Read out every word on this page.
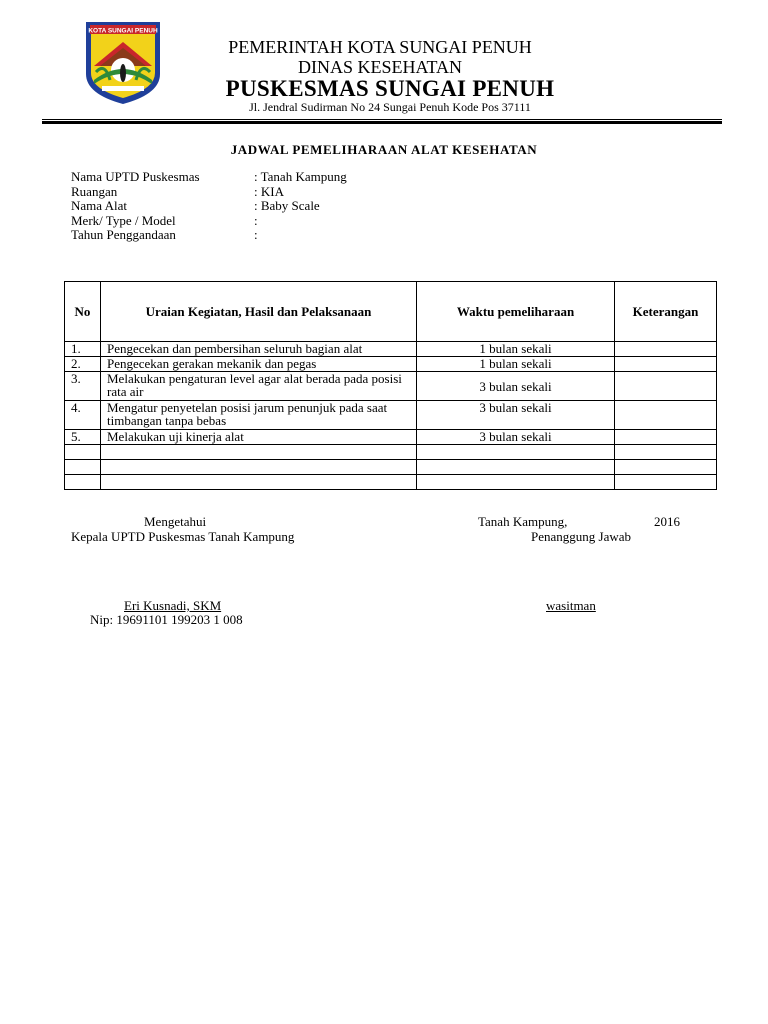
KOTA SUNGAI PENUH
PEMERINTAH KOTA SUNGAI PENUH
DINAS KESEHATAN
PUSKESMAS SUNGAI PENUH
Jl. Jendral Sudirman No 24 Sungai Penuh Kode Pos 37111
JADWAL PEMELIHARAAN ALAT KESEHATAN
Nama UPTD Puskesmas	: Tanah Kampung
Ruangan	: KIA
Nama Alat	: Baby Scale
Merk/ Type / Model	:
Tahun Penggandaan	:
No	Uraian Kegiatan, Hasil dan Pelaksanaan	Waktu pemeliharaan	Keterangan
1.	Pengecekan dan pembersihan seluruh bagian alat	1 bulan sekali	
2.	Pengecekan gerakan mekanik dan pegas	1 bulan sekali	
3.	Melakukan pengaturan level agar alat berada pada posisi rata air	3 bulan sekali	
4.	Mengatur penyetelan posisi jarum penunjuk pada saat timbangan tanpa bebas	3 bulan sekali	
5.	Melakukan uji kinerja alat	3 bulan sekali	

Mengetahui
Kepala UPTD Puskesmas Tanah Kampung
Eri Kusnadi, SKM
Nip: 19691101 199203 1 008
Tanah Kampung,	2016
Penanggung Jawab
wasitman
